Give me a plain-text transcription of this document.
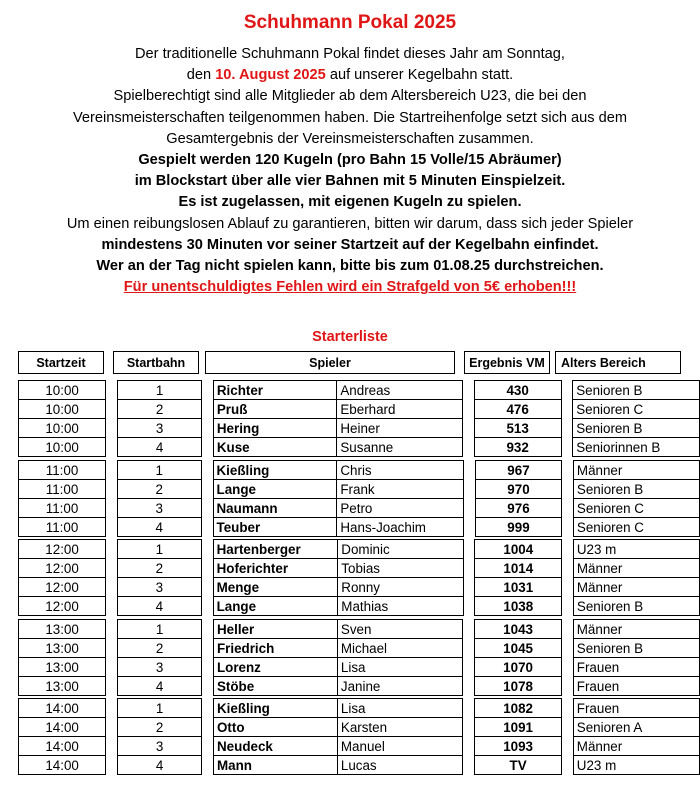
Schuhmann Pokal 2025
Der traditionelle Schuhmann Pokal findet dieses Jahr am Sonntag,
den 10. August 2025 auf unserer Kegelbahn statt.
Spielberechtigt sind alle Mitglieder ab dem Altersbereich U23, die bei den
Vereinsmeisterschaften teilgenommen haben. Die Startreihenfolge setzt sich aus dem
Gesamtergebnis der Vereinsmeisterschaften zusammen.
Gespielt werden 120 Kugeln (pro Bahn 15 Volle/15 Abräumer)
im Blockstart über alle vier Bahnen mit 5 Minuten Einspielzeit.
Es ist zugelassen, mit eigenen Kugeln zu spielen.
Um einen reibungslosen Ablauf zu garantieren, bitten wir darum, dass sich jeder Spieler
mindestens 30 Minuten vor seiner Startzeit auf der Kegelbahn einfindet.
Wer an der Tag nicht spielen kann, bitte bis zum 01.08.25 durchstreichen.
Für unentschuldigtes Fehlen wird ein Strafgeld von 5€ erhoben!!!
Starterliste
Startzeit	Startbahn	Spieler	Ergebnis VM	Alters Bereich
10:00		1		Richter	Andreas		430		Senioren B
10:00		2		Pruß	Eberhard		476		Senioren C
10:00		3		Hering	Heiner		513		Senioren B
10:00		4		Kuse	Susanne		932		Seniorinnen B
11:00		1		Kießling	Chris		967		Männer
11:00		2		Lange	Frank		970		Senioren B
11:00		3		Naumann	Petro		976		Senioren C
11:00		4		Teuber	Hans-Joachim		999		Senioren C
12:00		1		Hartenberger	Dominic		1004		U23 m
12:00		2		Hoferichter	Tobias		1014		Männer
12:00		3		Menge	Ronny		1031		Männer
12:00		4		Lange	Mathias		1038		Senioren B
13:00		1		Heller	Sven		1043		Männer
13:00		2		Friedrich	Michael		1045		Senioren B
13:00		3		Lorenz	Lisa		1070		Frauen
13:00		4		Stöbe	Janine		1078		Frauen
14:00		1		Kießling	Lisa		1082		Frauen
14:00		2		Otto	Karsten		1091		Senioren A
14:00		3		Neudeck	Manuel		1093		Männer
14:00		4		Mann	Lucas		TV		U23 m
